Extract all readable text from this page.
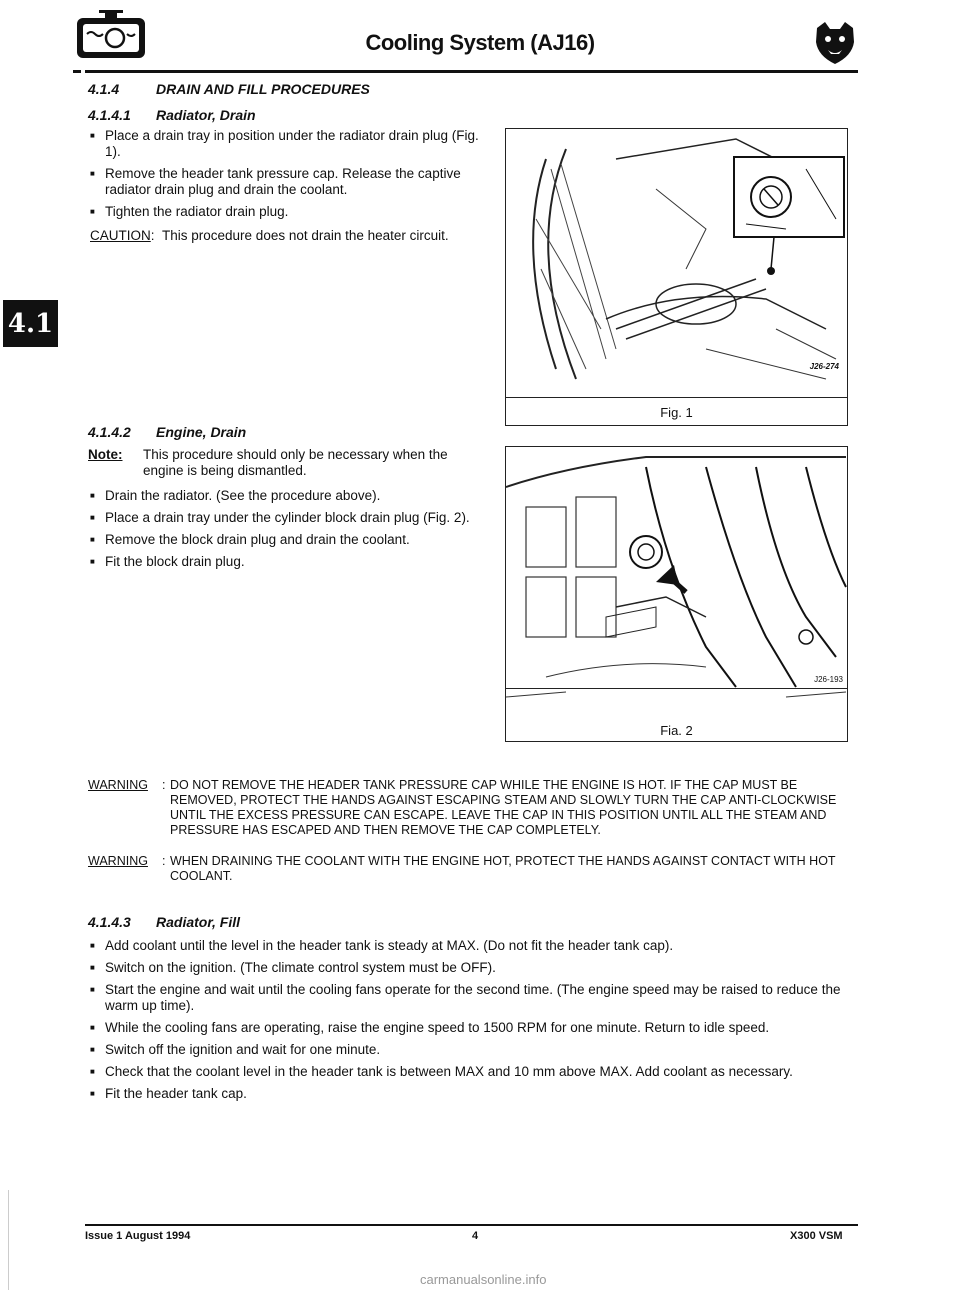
Cooling System (AJ16)
4.1
4.1.4	DRAIN AND FILL PROCEDURES
4.1.4.1 Radiator, Drain
■ Place a drain tray in position under the radiator drain plug (Fig. 1).
■ Remove the header tank pressure cap. Release the captive radiator drain plug and drain the coolant.
■ Tighten the radiator drain plug.
CAUTION:  This procedure does not drain the heater circuit.
J26-274
Fig. 1
4.1.4.2 Engine, Drain
Note: This procedure should only be necessary when the engine is being dismantled.
■ Drain the radiator. (See the procedure above).
■ Place a drain tray under the cylinder block drain plug (Fig. 2).
■ Remove the block drain plug and drain the coolant.
■ Fit the block drain plug.
J26-193
Fia. 2
WARNING : DO NOT REMOVE THE HEADER TANK PRESSURE CAP WHILE THE ENGINE IS HOT. IF THE CAP MUST BE REMOVED, PROTECT THE HANDS AGAINST ESCAPING STEAM AND SLOWLY TURN THE CAP ANTI-CLOCKWISE UNTIL THE EXCESS PRESSURE CAN ESCAPE. LEAVE THE CAP IN THIS POSITION UNTIL ALL THE STEAM AND PRESSURE HAS ESCAPED AND THEN REMOVE THE CAP COMPLETELY.
WARNING : WHEN DRAINING THE COOLANT WITH THE ENGINE HOT, PROTECT THE HANDS AGAINST CONTACT WITH HOT COOLANT.
4.1.4.3 Radiator, Fill
■ Add coolant until the level in the header tank is steady at MAX. (Do not fit the header tank cap).
■ Switch on the ignition. (The climate control system must be OFF).
■ Start the engine and wait until the cooling fans operate for the second time. (The engine speed may be raised to reduce the warm up time).
■ While the cooling fans are operating, raise the engine speed to 1500 RPM for one minute. Return to idle speed.
■ Switch off the ignition and wait for one minute.
■ Check that the coolant level in the header tank is between MAX and 10 mm above MAX. Add coolant as necessary.
■ Fit the header tank cap.
Issue 1 August 1994	4	X300 VSM
carmanualsonline.info
